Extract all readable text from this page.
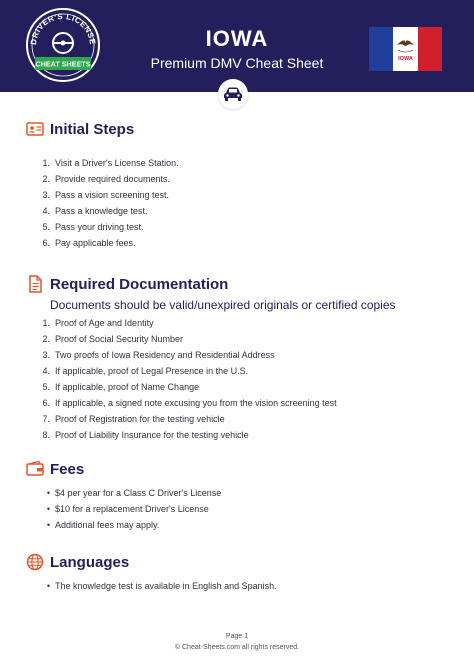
DRIVER'S LICENSE
CHEAT SHEETS
IOWA
Premium DMV Cheat Sheet	IOWA
Initial Steps
1. Visit a Driver's License Station.
2. Provide required documents.
3. Pass a vision screening test.
4. Pass a knowledge test.
5. Pass your driving test.
6. Pay applicable fees.
Required Documentation
Documents should be valid/unexpired originals or certified copies
1. Proof of Age and Identity
2. Proof of Social Security Number
3. Two proofs of Iowa Residency and Residential Address
4. If applicable, proof of Legal Presence in the U.S.
5. If applicable, proof of Name Change
6. If applicable, a signed note excusing you from the vision screening test
7. Proof of Registration for the testing vehicle
8. Proof of Liability Insurance for the testing vehicle
Fees
• $4 per year for a Class C Driver's License
• $10 for a replacement Driver's License
• Additional fees may apply.
Languages
• The knowledge test is available in English and Spanish.
Page 1
© Cheat-Sheets.com all rights reserved.
